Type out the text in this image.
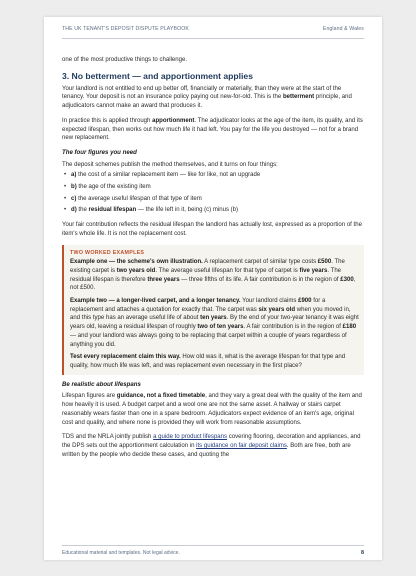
THE UK TENANT'S DEPOSIT DISPUTE PLAYBOOK	England & Wales

one of the most productive things to challenge.

3. No betterment — and apportionment applies

Your landlord is not entitled to end up better off, financially or materially, than they were at the start of the tenancy. Your deposit is not an insurance policy paying out new-for-old. This is the betterment principle, and adjudicators cannot make an award that produces it.

In practice this is applied through apportionment. The adjudicator looks at the age of the item, its quality, and its expected lifespan, then works out how much life it had left. You pay for the life you destroyed — not for a brand new replacement.

The four figures you need

The deposit schemes publish the method themselves, and it turns on four things:

• a) the cost of a similar replacement item — like for like, not an upgrade
• b) the age of the existing item
• c) the average useful lifespan of that type of item
• d) the residual lifespan — the life left in it, being (c) minus (b)

Your fair contribution reflects the residual lifespan the landlord has actually lost, expressed as a proportion of the item's whole life. It is not the replacement cost.

TWO WORKED EXAMPLES

Example one — the scheme's own illustration. A replacement carpet of similar type costs £500. The existing carpet is two years old. The average useful lifespan for that type of carpet is five years. The residual lifespan is therefore three years — three fifths of its life. A fair contribution is in the region of £300, not £500.

Example two — a longer-lived carpet, and a longer tenancy. Your landlord claims £900 for a replacement and attaches a quotation for exactly that. The carpet was six years old when you moved in, and this type has an average useful life of about ten years. By the end of your two-year tenancy it was eight years old, leaving a residual lifespan of roughly two of ten years. A fair contribution is in the region of £180 — and your landlord was always going to be replacing that carpet within a couple of years regardless of anything you did.

Test every replacement claim this way. How old was it, what is the average lifespan for that type and quality, how much life was left, and was replacement even necessary in the first place?

Be realistic about lifespans

Lifespan figures are guidance, not a fixed timetable, and they vary a great deal with the quality of the item and how heavily it is used. A budget carpet and a wool one are not the same asset. A hallway or stairs carpet reasonably wears faster than one in a spare bedroom. Adjudicators expect evidence of an item's age, original cost and quality, and where none is provided they will work from reasonable assumptions.

TDS and the NRLA jointly publish a guide to product lifespans covering flooring, decoration and appliances, and the DPS sets out the apportionment calculation in its guidance on fair deposit claims. Both are free, both are written by the people who decide these cases, and quoting the

Educational material and templates. Not legal advice.	8
